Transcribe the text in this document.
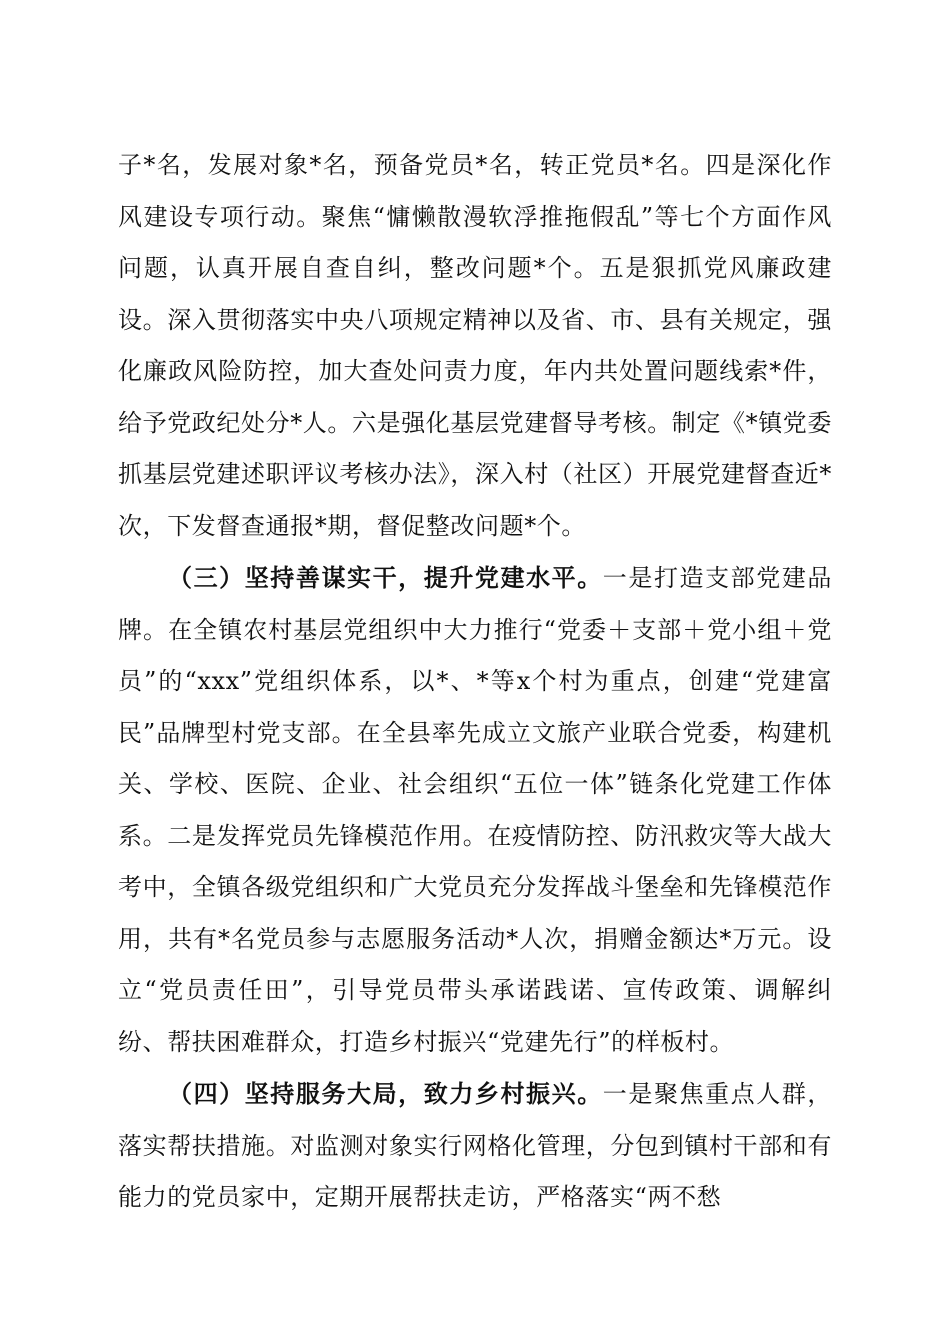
子*名，发展对象*名，预备党员*名，转正党员*名。四是深化作风建设专项行动。聚焦“慵懒散漫软浮推拖假乱”等七个方面作风问题，认真开展自查自纠，整改问题*个。五是狠抓党风廉政建设。深入贯彻落实中央八项规定精神以及省、市、县有关规定，强化廉政风险防控，加大查处问责力度，年内共处置问题线索*件，给予党政纪处分*人。六是强化基层党建督导考核。制定《*镇党委抓基层党建述职评议考核办法》，深入村（社区）开展党建督查近*次，下发督查通报*期，督促整改问题*个。

（三）坚持善谋实干，提升党建水平。一是打造支部党建品牌。在全镇农村基层党组织中大力推行“党委＋支部＋党小组＋党员”的“xxx”党组织体系，以*、*等x个村为重点，创建“党建富民”品牌型村党支部。在全县率先成立文旅产业联合党委，构建机关、学校、医院、企业、社会组织“五位一体”链条化党建工作体系。二是发挥党员先锋模范作用。在疫情防控、防汛救灾等大战大考中，全镇各级党组织和广大党员充分发挥战斗堡垒和先锋模范作用，共有*名党员参与志愿服务活动*人次，捐赠金额达*万元。设立“党员责任田”，引导党员带头承诺践诺、宣传政策、调解纠纷、帮扶困难群众，打造乡村振兴“党建先行”的样板村。

（四）坚持服务大局，致力乡村振兴。一是聚焦重点人群，落实帮扶措施。对监测对象实行网格化管理，分包到镇村干部和有能力的党员家中，定期开展帮扶走访，严格落实“两不愁
